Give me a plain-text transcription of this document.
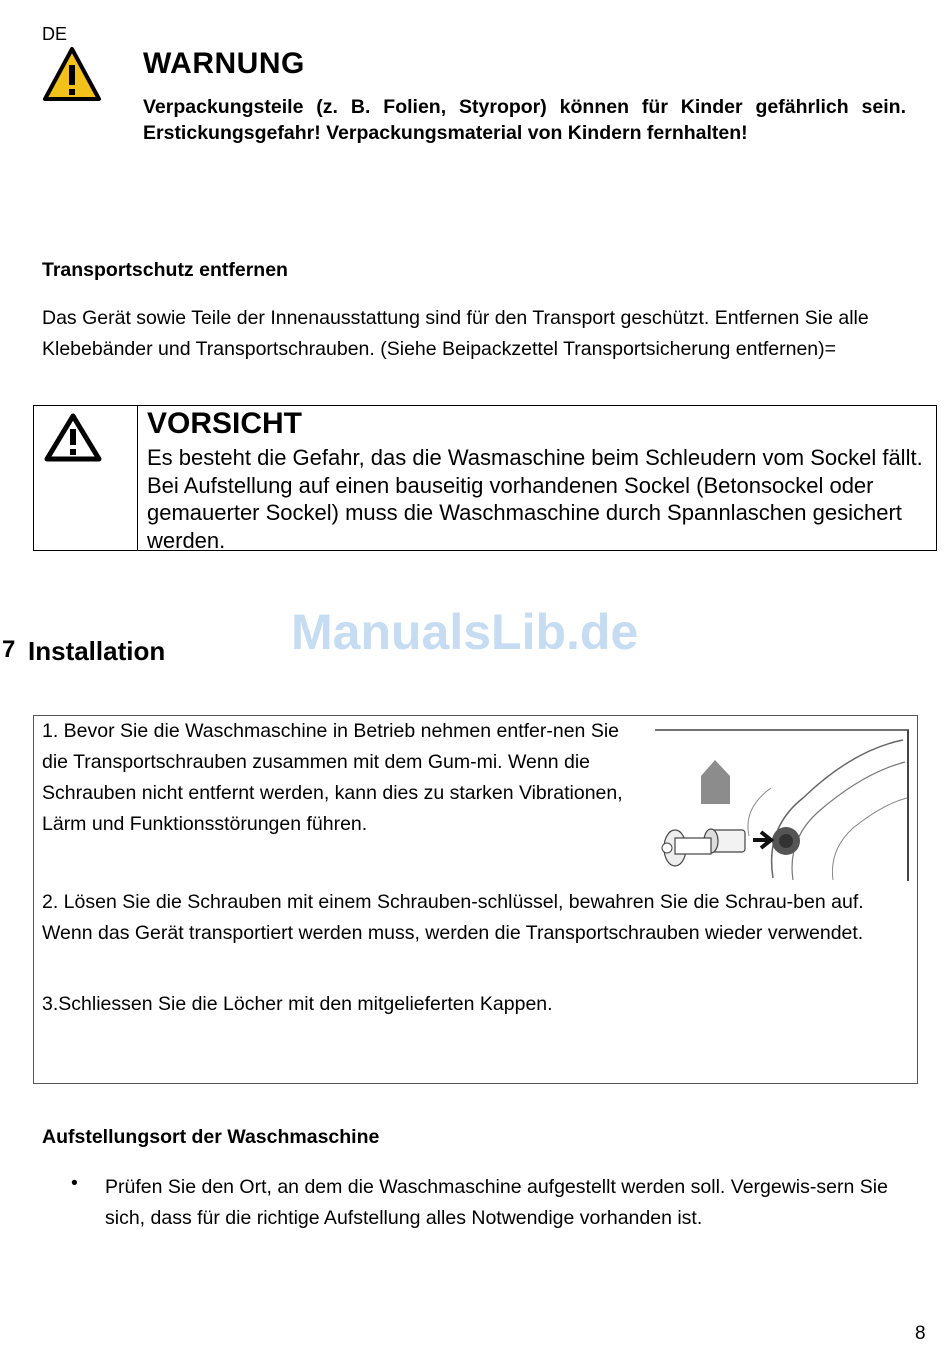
DE
WARNUNG
Verpackungsteile (z. B. Folien, Styropor) können für Kinder gefährlich sein. Erstickungsgefahr! Verpackungsmaterial von Kindern fernhalten!
Transportschutz entfernen
Das Gerät sowie Teile der Innenausstattung sind für den Transport geschützt. Entfernen Sie alle Klebebänder und Transportschrauben. (Siehe Beipackzettel Transportsicherung entfernen)=
VORSICHT
Es besteht die Gefahr, das die Wasmaschine beim Schleudern vom Sockel fällt. Bei Aufstellung auf einen bauseitig vorhandenen Sockel (Betonsockel oder gemauerter Sockel) muss die Waschmaschine durch Spannlaschen gesichert werden.
ManualsLib.de
7 Installation
1. Bevor Sie die Waschmaschine in Betrieb nehmen entfer-nen Sie die Transportschrauben zusammen mit dem Gum-mi. Wenn die Schrauben nicht entfernt werden, kann dies zu starken Vibrationen, Lärm und Funktionsstörungen führen.
2. Lösen Sie die Schrauben mit einem Schrauben-schlüssel, bewahren Sie die Schrau-ben auf. Wenn das Gerät transportiert werden muss, werden die Transportschrauben wieder verwendet.
3.Schliessen Sie die Löcher mit den mitgelieferten Kappen.
Aufstellungsort der Waschmaschine
• Prüfen Sie den Ort, an dem die Waschmaschine aufgestellt werden soll. Vergewis-sern Sie sich, dass für die richtige Aufstellung alles Notwendige vorhanden ist.
8
